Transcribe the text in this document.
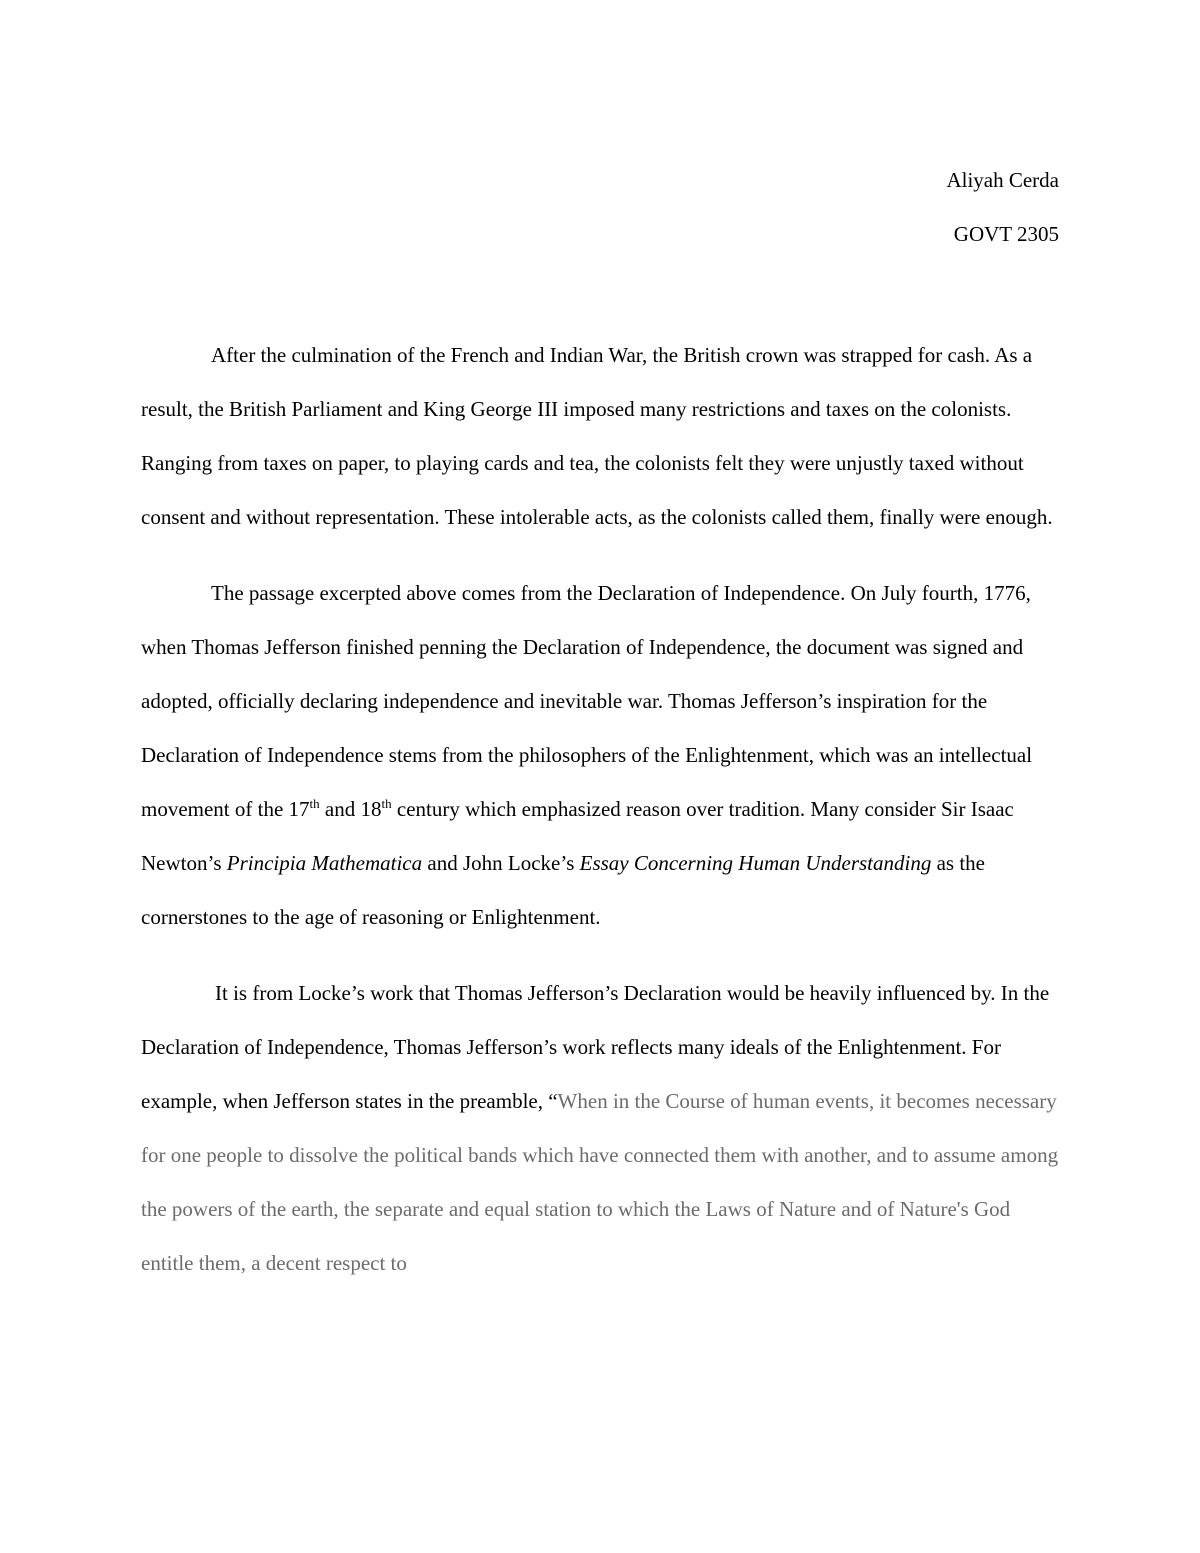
Aliyah Cerda
GOVT 2305

After the culmination of the French and Indian War, the British crown was strapped for cash. As a result, the British Parliament and King George III imposed many restrictions and taxes on the colonists. Ranging from taxes on paper, to playing cards and tea, the colonists felt they were unjustly taxed without consent and without representation. These intolerable acts, as the colonists called them, finally were enough.

The passage excerpted above comes from the Declaration of Independence. On July fourth, 1776, when Thomas Jefferson finished penning the Declaration of Independence, the document was signed and adopted, officially declaring independence and inevitable war. Thomas Jefferson’s inspiration for the Declaration of Independence stems from the philosophers of the Enlightenment, which was an intellectual movement of the 17th and 18th century which emphasized reason over tradition. Many consider Sir Isaac Newton’s Principia Mathematica and John Locke’s Essay Concerning Human Understanding as the cornerstones to the age of reasoning or Enlightenment.

It is from Locke’s work that Thomas Jefferson’s Declaration would be heavily influenced by. In the Declaration of Independence, Thomas Jefferson’s work reflects many ideals of the Enlightenment. For example, when Jefferson states in the preamble, “When in the Course of human events, it becomes necessary for one people to dissolve the political bands which have connected them with another, and to assume among the powers of the earth, the separate and equal station to which the Laws of Nature and of Nature's God entitle them, a decent respect to
